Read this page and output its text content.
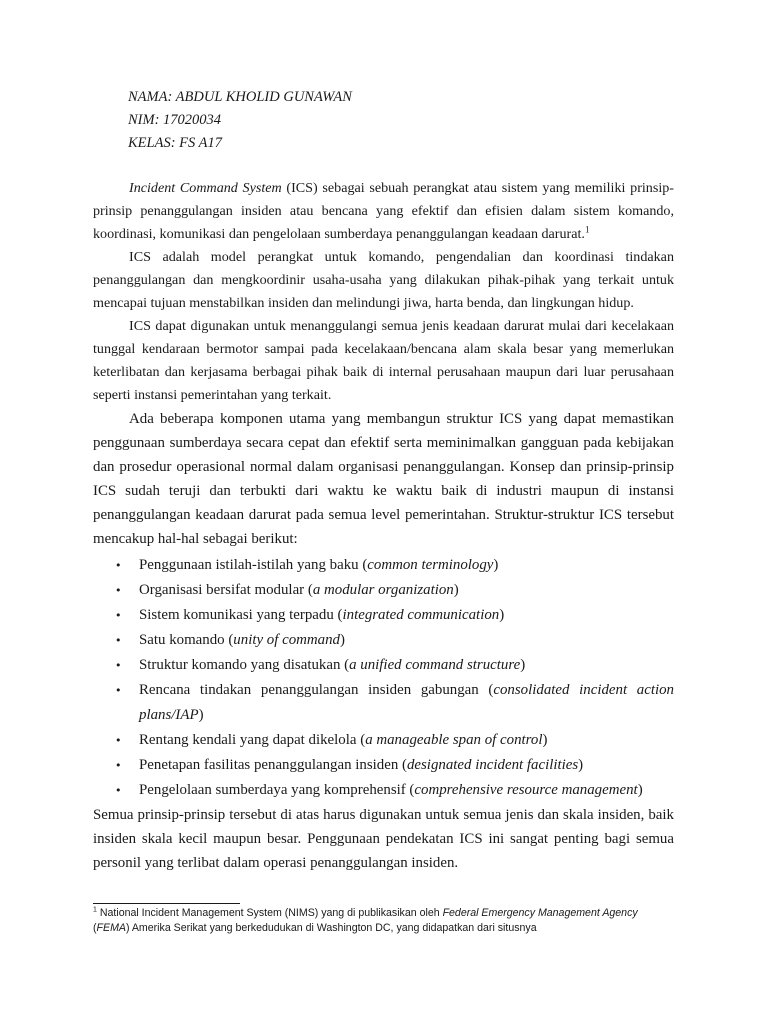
NAMA: ABDUL KHOLID GUNAWAN
NIM: 17020034
KELAS: FS A17

Incident Command System (ICS) sebagai sebuah perangkat atau sistem yang memiliki prinsip-prinsip penanggulangan insiden atau bencana yang efektif dan efisien dalam sistem komando, koordinasi, komunikasi dan pengelolaan sumberdaya penanggulangan keadaan darurat.$^1$

ICS adalah model perangkat untuk komando, pengendalian dan koordinasi tindakan penanggulangan dan mengkoordinir usaha-usaha yang dilakukan pihak-pihak yang terkait untuk mencapai tujuan menstabilkan insiden dan melindungi jiwa, harta benda, dan lingkungan hidup.

ICS dapat digunakan untuk menanggulangi semua jenis keadaan darurat mulai dari kecelakaan tunggal kendaraan bermotor sampai pada kecelakaan/bencana alam skala besar yang memerlukan keterlibatan dan kerjasama berbagai pihak baik di internal perusahaan maupun dari luar perusahaan seperti instansi pemerintahan yang terkait.

Ada beberapa komponen utama yang membangun struktur ICS yang dapat memastikan penggunaan sumberdaya secara cepat dan efektif serta meminimalkan gangguan pada kebijakan dan prosedur operasional normal dalam organisasi penanggulangan. Konsep dan prinsip-prinsip ICS sudah teruji dan terbukti dari waktu ke waktu baik di industri maupun di instansi penanggulangan keadaan darurat pada semua level pemerintahan. Struktur-struktur ICS tersebut mencakup hal-hal sebagai berikut:

• Penggunaan istilah-istilah yang baku (common terminology)
• Organisasi bersifat modular (a modular organization)
• Sistem komunikasi yang terpadu (integrated communication)
• Satu komando (unity of command)
• Struktur komando yang disatukan (a unified command structure)
• Rencana tindakan penanggulangan insiden gabungan (consolidated incident action
plans/IAP)
• Rentang kendali yang dapat dikelola (a manageable span of control)
• Penetapan fasilitas penanggulangan insiden (designated incident facilities)
• Pengelolaan sumberdaya yang komprehensif (comprehensive resource management)

Semua prinsip-prinsip tersebut di atas harus digunakan untuk semua jenis dan skala insiden, baik insiden skala kecil maupun besar. Penggunaan pendekatan ICS ini sangat penting bagi semua personil yang terlibat dalam operasi penanggulangan insiden.

$^1$ National Incident Management System (NIMS) yang di publikasikan oleh Federal Emergency Management Agency (FEMA) Amerika Serikat yang berkedudukan di Washington DC, yang didapatkan dari situsnya
